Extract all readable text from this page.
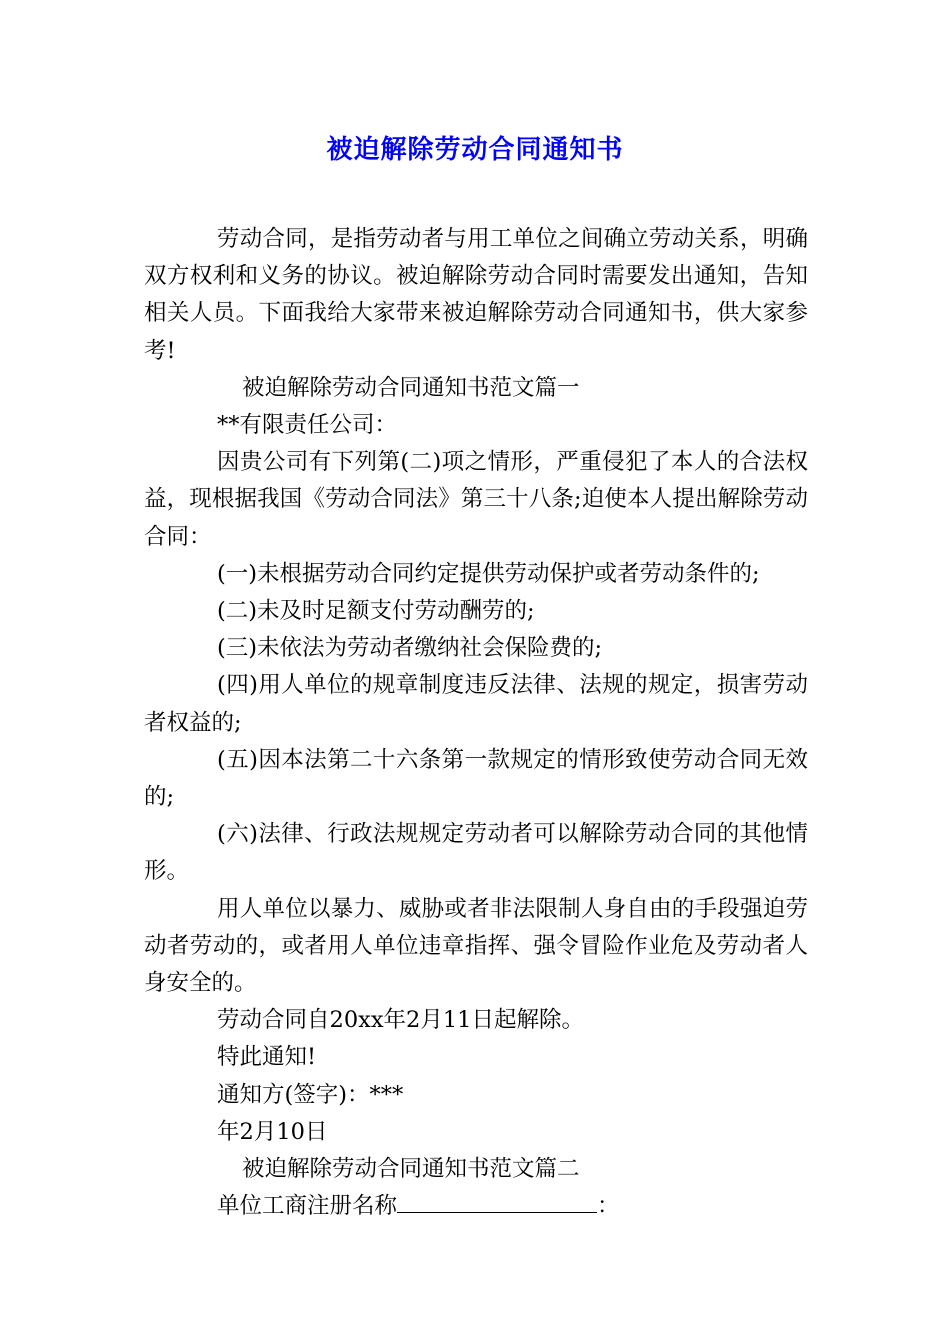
被迫解除劳动合同通知书

劳动合同，是指劳动者与用工单位之间确立劳动关系，明确双方权利和义务的协议。被迫解除劳动合同时需要发出通知，告知相关人员。下面我给大家带来被迫解除劳动合同通知书，供大家参考!

被迫解除劳动合同通知书范文篇一

**有限责任公司：

因贵公司有下列第(二)项之情形，严重侵犯了本人的合法权益，现根据我国《劳动合同法》第三十八条;迫使本人提出解除劳动合同：

(一)未根据劳动合同约定提供劳动保护或者劳动条件的;

(二)未及时足额支付劳动酬劳的;

(三)未依法为劳动者缴纳社会保险费的;

(四)用人单位的规章制度违反法律、法规的规定，损害劳动者权益的;

(五)因本法第二十六条第一款规定的情形致使劳动合同无效的;

(六)法律、行政法规规定劳动者可以解除劳动合同的其他情形。

用人单位以暴力、威胁或者非法限制人身自由的手段强迫劳动者劳动的，或者用人单位违章指挥、强令冒险作业危及劳动者人身安全的。

劳动合同自20xx年2月11日起解除。

特此通知!

通知方(签字)：***

年2月10日

被迫解除劳动合同通知书范文篇二

单位工商注册名称	：
